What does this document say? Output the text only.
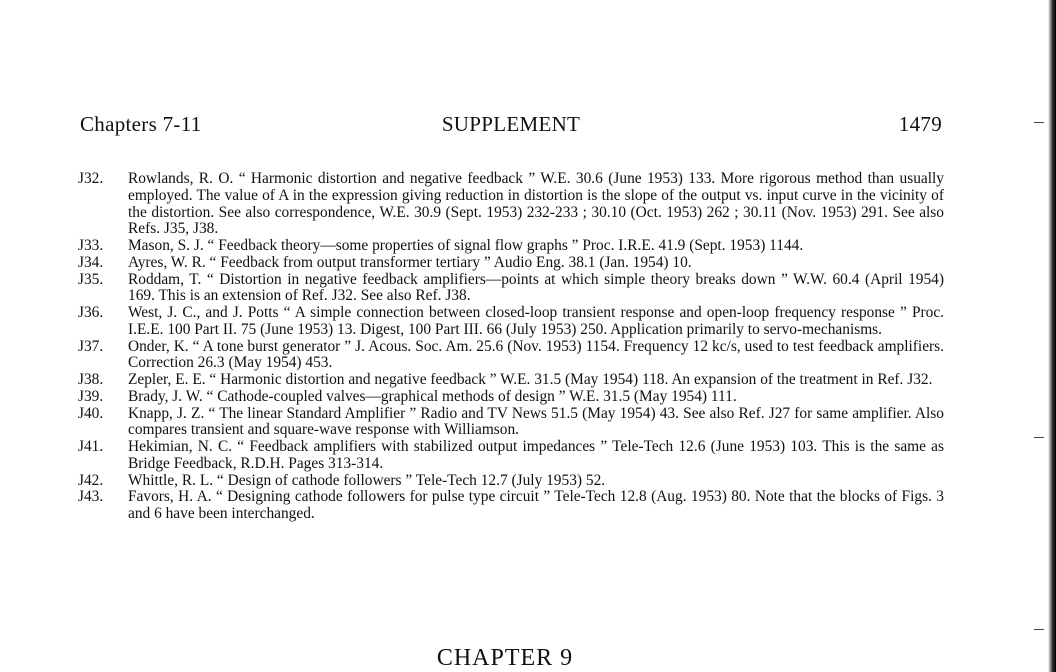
Chapters 7-11	SUPPLEMENT	1479
J32. Rowlands, R. O. “ Harmonic distortion and negative feedback ” W.E. 30.6 (June 1953) 133. More rigorous method than usually employed. The value of A in the expression giving reduction in distortion is the slope of the output vs. input curve in the vicinity of the distortion. See also correspondence, W.E. 30.9 (Sept. 1953) 232-233 ; 30.10 (Oct. 1953) 262 ; 30.11 (Nov. 1953) 291. See also Refs. J35, J38.
J33. Mason, S. J. “ Feedback theory—some properties of signal flow graphs ” Proc. I.R.E. 41.9 (Sept. 1953) 1144.
J34. Ayres, W. R. “ Feedback from output transformer tertiary ” Audio Eng. 38.1 (Jan. 1954) 10.
J35. Roddam, T. “ Distortion in negative feedback amplifiers—points at which simple theory breaks down ” W.W. 60.4 (April 1954) 169. This is an extension of Ref. J32. See also Ref. J38.
J36. West, J. C., and J. Potts “ A simple connection between closed-loop transient response and open-loop frequency response ” Proc. I.E.E. 100 Part II. 75 (June 1953) 13. Digest, 100 Part III. 66 (July 1953) 250. Application primarily to servo-mechanisms.
J37. Onder, K. “ A tone burst generator ” J. Acous. Soc. Am. 25.6 (Nov. 1953) 1154. Frequency 12 kc/s, used to test feedback amplifiers. Correction 26.3 (May 1954) 453.
J38. Zepler, E. E. “ Harmonic distortion and negative feedback ” W.E. 31.5 (May 1954) 118. An expansion of the treatment in Ref. J32.
J39. Brady, J. W. “ Cathode-coupled valves—graphical methods of design ” W.E. 31.5 (May 1954) 111.
J40. Knapp, J. Z. “ The linear Standard Amplifier ” Radio and TV News 51.5 (May 1954) 43. See also Ref. J27 for same amplifier. Also compares transient and square-wave response with Williamson.
J41. Hekimian, N. C. “ Feedback amplifiers with stabilized output impedances ” Tele-Tech 12.6 (June 1953) 103. This is the same as Bridge Feedback, R.D.H. Pages 313-314.
J42. Whittle, R. L. “ Design of cathode followers ” Tele-Tech 12.7 (July 1953) 52.
J43. Favors, H. A. “ Designing cathode followers for pulse type circuit ” Tele-Tech 12.8 (Aug. 1953) 80. Note that the blocks of Figs. 3 and 6 have been interchanged.
CHAPTER 9
